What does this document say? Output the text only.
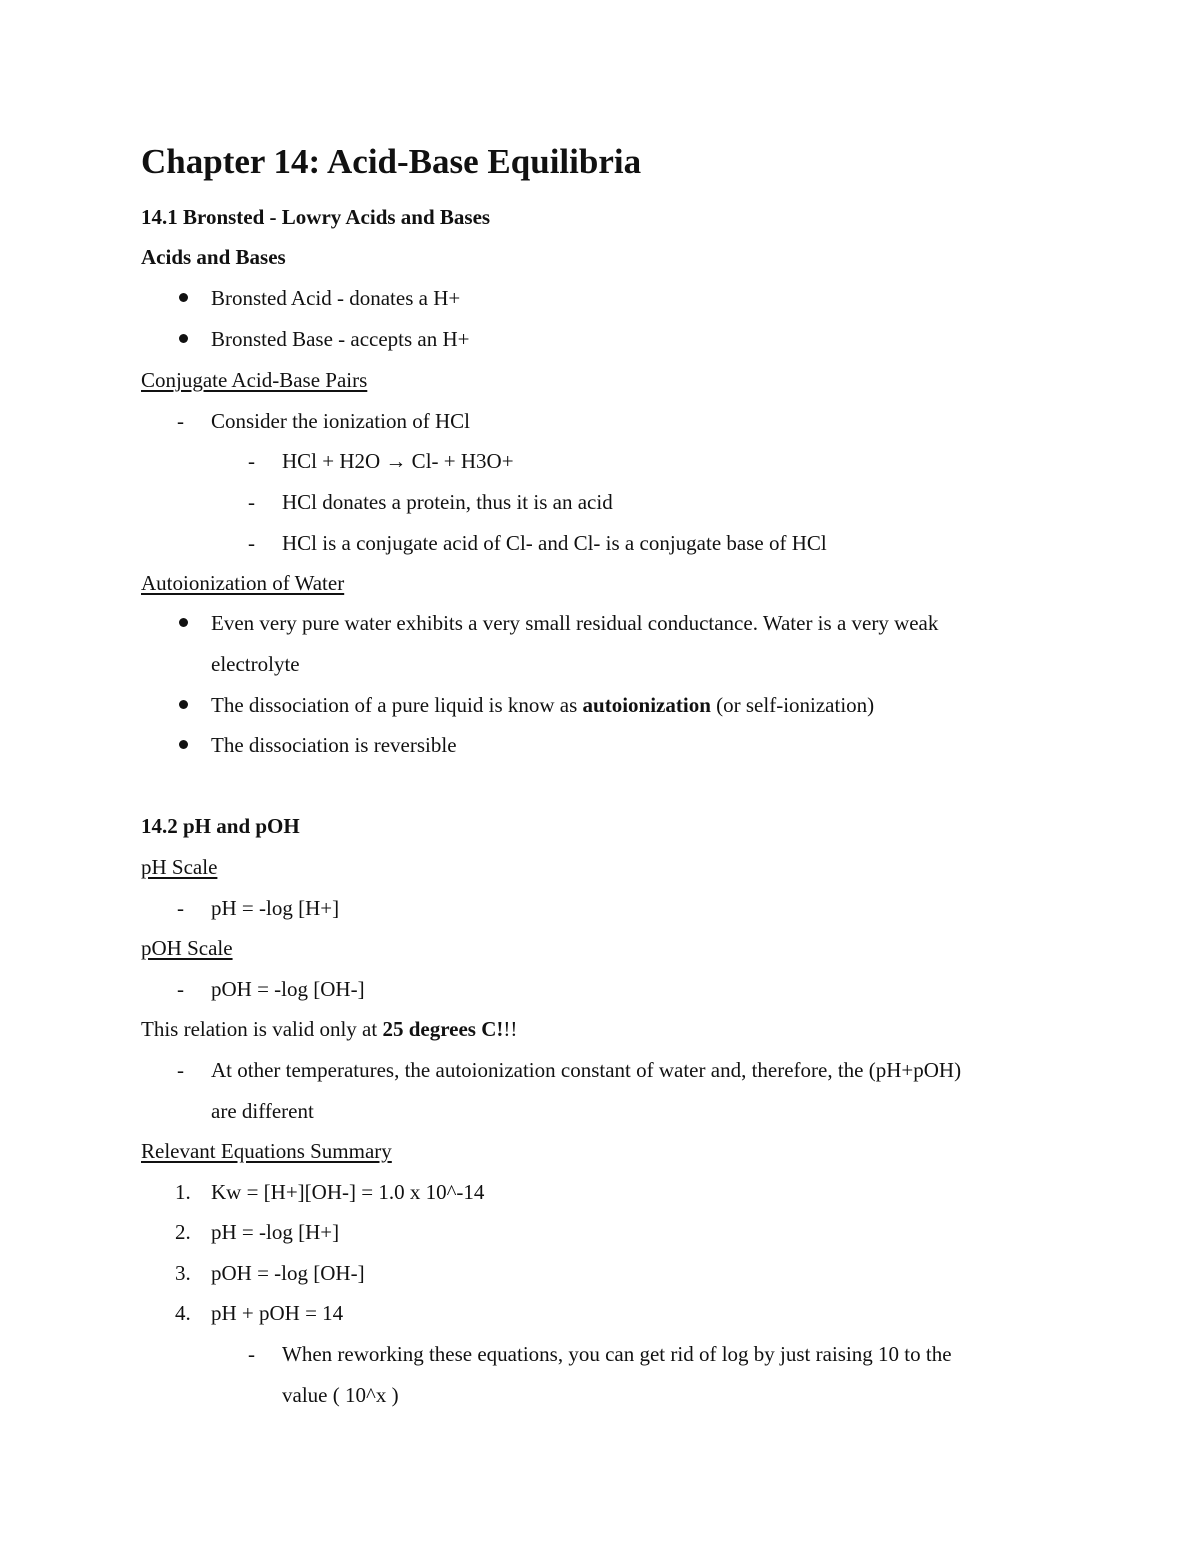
Chapter 14: Acid-Base Equilibria
14.1 Bronsted - Lowry Acids and Bases
Acids and Bases
Bronsted Acid - donates a H+
Bronsted Base - accepts an H+
Conjugate Acid-Base Pairs
- Consider the ionization of HCl
- HCl + H2O → Cl- + H3O+
- HCl donates a protein, thus it is an acid
- HCl is a conjugate acid of Cl- and Cl- is a conjugate base of HCl
Autoionization of Water
Even very pure water exhibits a very small residual conductance. Water is a very weak
electrolyte
The dissociation of a pure liquid is know as autoionization (or self-ionization)
The dissociation is reversible
14.2 pH and pOH
pH Scale
- pH = -log [H+]
pOH Scale
- pOH = -log [OH-]
This relation is valid only at 25 degrees C!!!
- At other temperatures, the autoionization constant of water and, therefore, the (pH+pOH)
are different
Relevant Equations Summary
1. Kw = [H+][OH-] = 1.0 x 10^-14
2. pH = -log [H+]
3. pOH = -log [OH-]
4. pH + pOH = 14
- When reworking these equations, you can get rid of log by just raising 10 to the
value ( 10^x )
